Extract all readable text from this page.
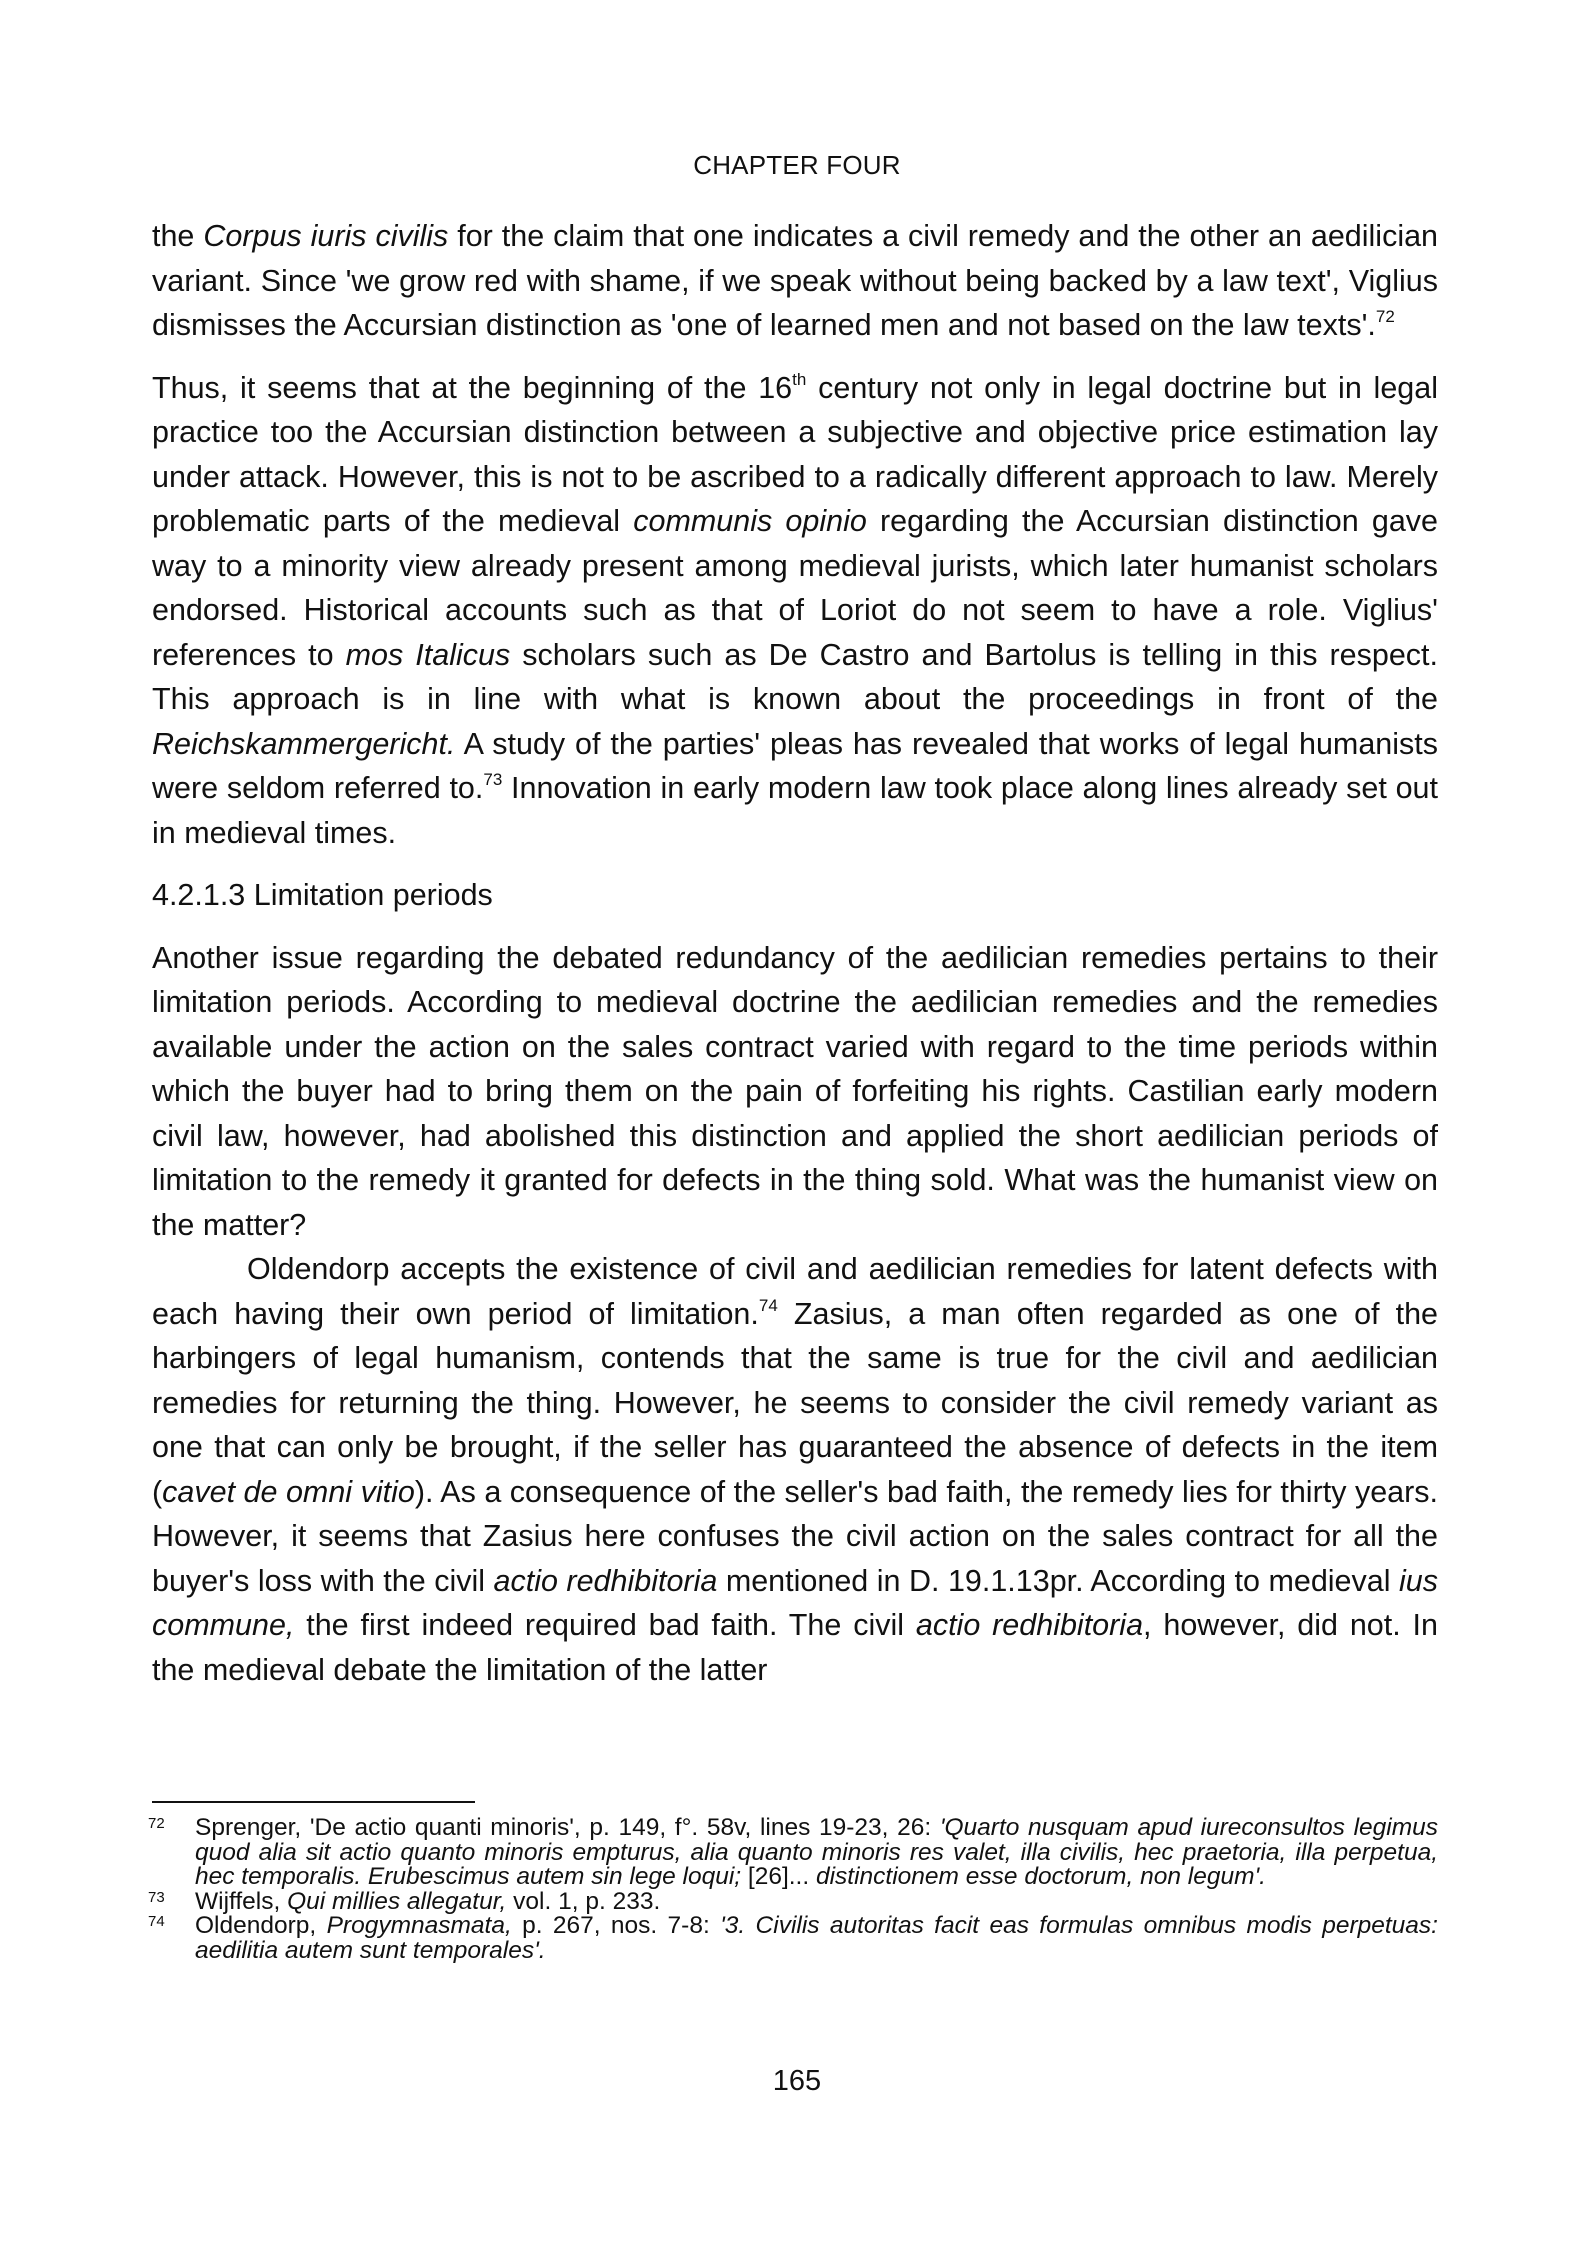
CHAPTER FOUR

the Corpus iuris civilis for the claim that one indicates a civil remedy and the other an aedilician variant. Since 'we grow red with shame, if we speak without being backed by a law text', Viglius dismisses the Accursian distinction as 'one of learned men and not based on the law texts'.$^{72}$

Thus, it seems that at the beginning of the 16th century not only in legal doctrine but in legal practice too the Accursian distinction between a subjective and objective price estimation lay under attack. However, this is not to be ascribed to a radically different approach to law. Merely problematic parts of the medieval communis opinio regarding the Accursian distinction gave way to a minority view already present among medieval jurists, which later humanist scholars endorsed. Historical accounts such as that of Loriot do not seem to have a role. Viglius' references to mos Italicus scholars such as De Castro and Bartolus is telling in this respect. This approach is in line with what is known about the proceedings in front of the Reichskammergericht. A study of the parties' pleas has revealed that works of legal humanists were seldom referred to.$^{73}$ Innovation in early modern law took place along lines already set out in medieval times.

4.2.1.3 Limitation periods

Another issue regarding the debated redundancy of the aedilician remedies pertains to their limitation periods. According to medieval doctrine the aedilician remedies and the remedies available under the action on the sales contract varied with regard to the time periods within which the buyer had to bring them on the pain of forfeiting his rights. Castilian early modern civil law, however, had abolished this distinction and applied the short aedilician periods of limitation to the remedy it granted for defects in the thing sold. What was the humanist view on the matter?

Oldendorp accepts the existence of civil and aedilician remedies for latent defects with each having their own period of limitation.$^{74}$ Zasius, a man often regarded as one of the harbingers of legal humanism, contends that the same is true for the civil and aedilician remedies for returning the thing. However, he seems to consider the civil remedy variant as one that can only be brought, if the seller has guaranteed the absence of defects in the item (cavet de omni vitio). As a consequence of the seller's bad faith, the remedy lies for thirty years. However, it seems that Zasius here confuses the civil action on the sales contract for all the buyer's loss with the civil actio redhibitoria mentioned in D. 19.1.13pr. According to medieval ius commune, the first indeed required bad faith. The civil actio redhibitoria, however, did not. In the medieval debate the limitation of the latter

72 Sprenger, 'De actio quanti minoris', p. 149, f°. 58v, lines 19-23, 26: 'Quarto nusquam apud iureconsultos legimus quod alia sit actio quanto minoris empturus, alia quanto minoris res valet, illa civilis, hec praetoria, illa perpetua, hec temporalis. Erubescimus autem sin lege loqui; [26]... distinctionem esse doctorum, non legum'.

73 Wijffels, Qui millies allegatur, vol. 1, p. 233.

74 Oldendorp, Progymnasmata, p. 267, nos. 7-8: '3. Civilis autoritas facit eas formulas omnibus modis perpetuas: aedilitia autem sunt temporales'.

165
